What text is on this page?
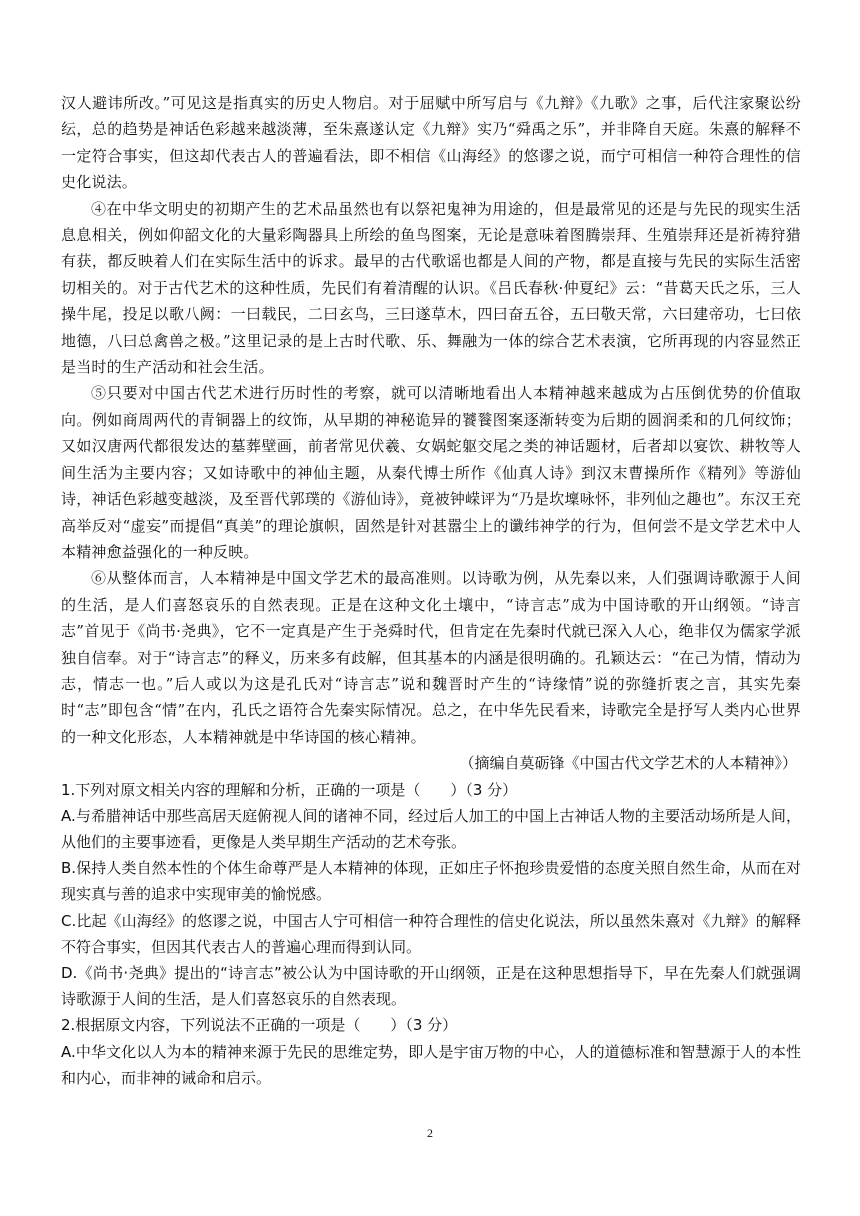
汉人避讳所改。”可见这是指真实的历史人物启。对于屈赋中所写启与《九辩》《九歌》之事，后代注家聚讼纷纭，总的趋势是神话色彩越来越淡薄，至朱熹遂认定《九辩》实乃“舜禹之乐”，并非降自天庭。朱熹的解释不一定符合事实，但这却代表古人的普遍看法，即不相信《山海经》的悠谬之说，而宁可相信一种符合理性的信史化说法。

④在中华文明史的初期产生的艺术品虽然也有以祭祀鬼神为用途的，但是最常见的还是与先民的现实生活息息相关，例如仰韶文化的大量彩陶器具上所绘的鱼鸟图案，无论是意味着图腾崇拜、生殖崇拜还是祈祷狩猎有获，都反映着人们在实际生活中的诉求。最早的古代歌谣也都是人间的产物，都是直接与先民的实际生活密切相关的。对于古代艺术的这种性质，先民们有着清醒的认识。《吕氏春秋·仲夏纪》云：“昔葛天氏之乐，三人操牛尾，投足以歌八阙：一曰载民，二曰玄鸟，三曰遂草木，四曰奋五谷，五曰敬天常，六曰建帝功，七曰依地德，八曰总禽兽之极。”这里记录的是上古时代歌、乐、舞融为一体的综合艺术表演，它所再现的内容显然正是当时的生产活动和社会生活。

⑤只要对中国古代艺术进行历时性的考察，就可以清晰地看出人本精神越来越成为占压倒优势的价值取向。例如商周两代的青铜器上的纹饰，从早期的神秘诡异的饕餮图案逐渐转变为后期的圆润柔和的几何纹饰；又如汉唐两代都很发达的墓葬壁画，前者常见伏羲、女娲蛇躯交尾之类的神话题材，后者却以宴饮、耕牧等人间生活为主要内容；又如诗歌中的神仙主题，从秦代博士所作《仙真人诗》到汉末曹操所作《精列》等游仙诗，神话色彩越变越淡，及至晋代郭璞的《游仙诗》，竟被钟嵘评为“乃是坎壈咏怀，非列仙之趣也”。东汉王充高举反对“虚妄”而提倡“真美”的理论旗帜，固然是针对甚嚣尘上的谶纬神学的行为，但何尝不是文学艺术中人本精神愈益强化的一种反映。

⑥从整体而言，人本精神是中国文学艺术的最高准则。以诗歌为例，从先秦以来，人们强调诗歌源于人间的生活，是人们喜怒哀乐的自然表现。正是在这种文化土壤中，“诗言志”成为中国诗歌的开山纲领。“诗言志”首见于《尚书·尧典》，它不一定真是产生于尧舜时代，但肯定在先秦时代就已深入人心，绝非仅为儒家学派独自信奉。对于“诗言志”的释义，历来多有歧解，但其基本的内涵是很明确的。孔颖达云：“在己为情，情动为志，情志一也。”后人或以为这是孔氏对“诗言志”说和魏晋时产生的“诗缘情”说的弥缝折衷之言，其实先秦时“志”即包含“情”在内，孔氏之语符合先秦实际情况。总之，在中华先民看来，诗歌完全是抒写人类内心世界的一种文化形态，人本精神就是中华诗国的核心精神。

（摘编自莫砺锋《中国古代文学艺术的人本精神》）

1.下列对原文相关内容的理解和分析，正确的一项是（　　）（3 分）

A.与希腊神话中那些高居天庭俯视人间的诸神不同，经过后人加工的中国上古神话人物的主要活动场所是人间，从他们的主要事迹看，更像是人类早期生产活动的艺术夸张。

B.保持人类自然本性的个体生命尊严是人本精神的体现，正如庄子怀抱珍贵爱惜的态度关照自然生命，从而在对现实真与善的追求中实现审美的愉悦感。

C.比起《山海经》的悠谬之说，中国古人宁可相信一种符合理性的信史化说法，所以虽然朱熹对《九辩》的解释不符合事实，但因其代表古人的普遍心理而得到认同。

D.《尚书·尧典》提出的“诗言志”被公认为中国诗歌的开山纲领，正是在这种思想指导下，早在先秦人们就强调诗歌源于人间的生活，是人们喜怒哀乐的自然表现。

2.根据原文内容，下列说法不正确的一项是（　　）（3 分）

A.中华文化以人为本的精神来源于先民的思维定势，即人是宇宙万物的中心，人的道德标准和智慧源于人的本性和内心，而非神的诫命和启示。

2
